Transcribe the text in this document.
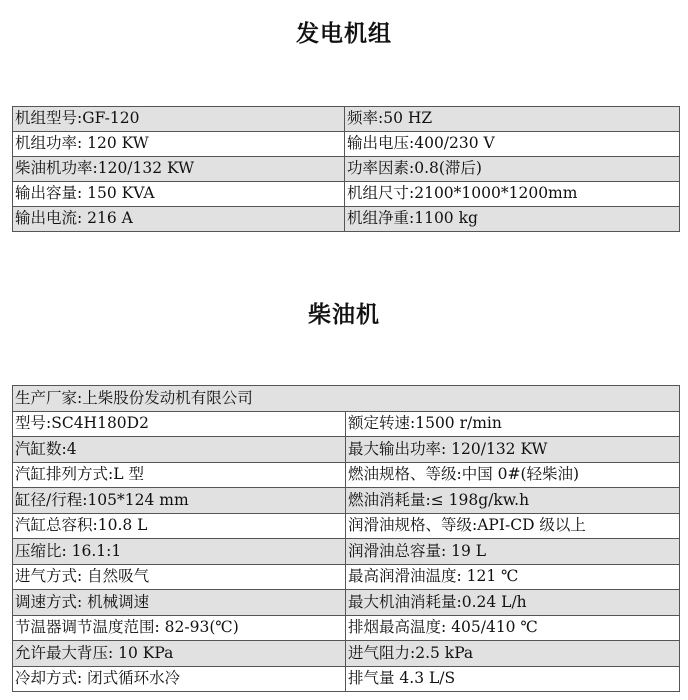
发电机组
机组型号:GF-120	频率:50 HZ
机组功率: 120 KW	输出电压:400/230 V
柴油机功率:120/132 KW	功率因素:0.8(滞后)
输出容量: 150 KVA	机组尺寸:2100*1000*1200mm
输出电流: 216 A	机组净重:1100 kg
柴油机
生产厂家:上柴股份发动机有限公司	
型号:SC4H180D2	额定转速:1500 r/min
汽缸数:4	最大输出功率: 120/132 KW
汽缸排列方式:L 型	燃油规格、等级:中国 0#(轻柴油)
缸径/行程:105*124 mm	燃油消耗量:≤ 198g/kw.h
汽缸总容积:10.8 L	润滑油规格、等级:API-CD 级以上
压缩比: 16.1:1	润滑油总容量: 19 L
进气方式: 自然吸气	最高润滑油温度: 121 ℃
调速方式: 机械调速	最大机油消耗量:0.24 L/h
节温器调节温度范围: 82-93(℃)	排烟最高温度: 405/410 ℃
允许最大背压: 10 KPa	进气阻力:2.5 kPa
冷却方式: 闭式循环水冷	排气量 4.3 L/S
